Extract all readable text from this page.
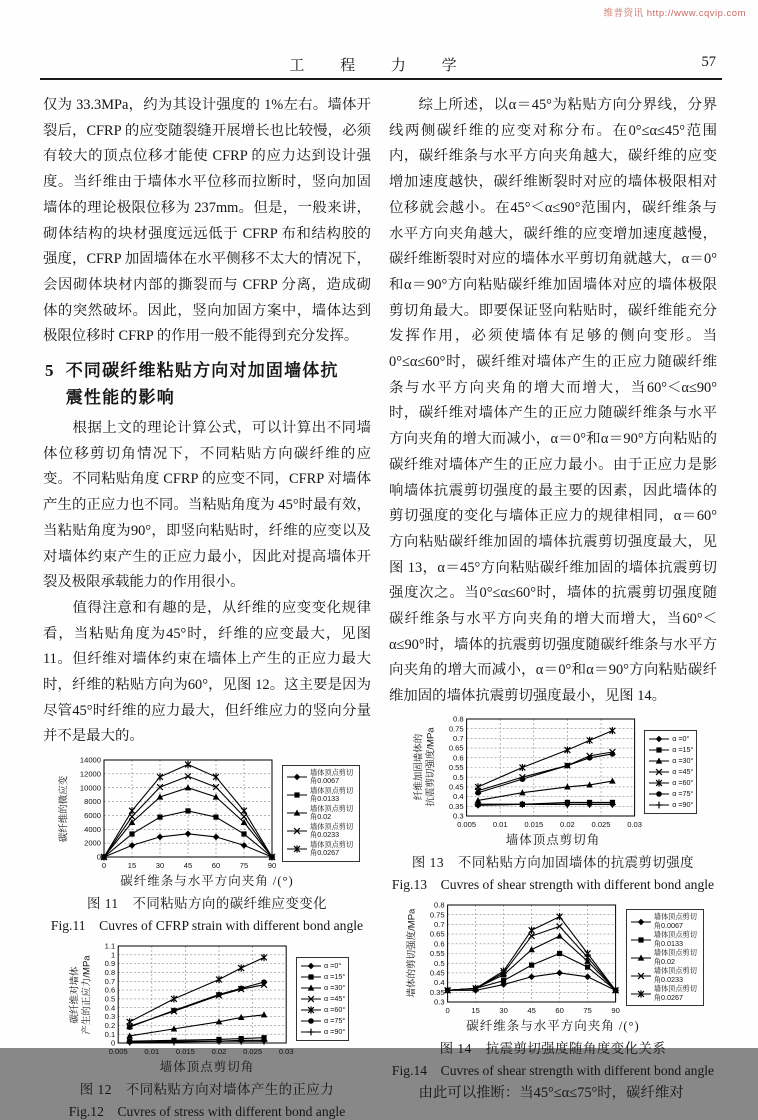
维普资讯 http://www.cqvip.com
工 程 力 学	57

仅为 33.3MPa，约为其设计强度的 1%左右。墙体开裂后，CFRP 的应变随裂缝开展增长也比较慢，必须有较大的顶点位移才能使 CFRP 的应力达到设计强度。当纤维由于墙体水平位移而拉断时，竖向加固墙体的理论极限位移为 237mm。但是，一般来讲，砌体结构的块材强度远远低于 CFRP 布和结构胶的强度，CFRP 加固墙体在水平侧移不太大的情况下，会因砌体块材内部的撕裂而与 CFRP 分离，造成砌体的突然破坏。因此，竖向加固方案中，墙体达到极限位移时 CFRP 的作用一般不能得到充分发挥。

5 不同碳纤维粘贴方向对加固墙体抗震性能的影响

根据上文的理论计算公式，可以计算出不同墙体位移剪切角情况下，不同粘贴方向碳纤维的应变。不同粘贴角度 CFRP 的应变不同，CFRP 对墙体产生的正应力也不同。当粘贴角度为 45°时最有效，当粘贴角度为90°，即竖向粘贴时，纤维的应变以及对墙体约束产生的正应力最小，因此对提高墙体开裂及极限承载能力的作用很小。

值得注意和有趣的是，从纤维的应变变化规律看，当粘贴角度为45°时，纤维的应变最大，见图 11。但纤维对墙体约束在墙体上产生的正应力最大时，纤维的粘贴方向为60°，见图 12。这主要是因为尽管45°时纤维的应力最大，但纤维应力的竖向分量并不是最大的。

碳纤维的微应变
0
2000
4000
6000
8000
10000
12000
14000
0	15	30	45	60	75	90
墙体顶点剪切角0.0067
墙体顶点剪切角0.0133
墙体顶点剪切角0.02
墙体顶点剪切角0.0233
墙体顶点剪切角0.0267
碳纤维条与水平方向夹角 /(°)
图 11　不同粘贴方向的碳纤维应变变化
Fig.11　Cuvres of CFRP strain with different bond angle
碳纤维对墙体 产生的正应力/MPa
0
0.1
0.2
0.3
0.4
0.5
0.6
0.7
0.8
0.9
1
1.1
0.005 0.01 0.015 0.02 0.025 0.03
α =0°
α =15°
α =30°
α =45°
α =60°
α =75°
α =90°
墙体顶点剪切角
图 12　不同粘贴方向对墙体产生的正应力
Fig.12　Cuvres of stress with different bond angle

综上所述，以α＝45°为粘贴方向分界线，分界线两侧碳纤维的应变对称分布。在0°≤α≤45°范围内，碳纤维条与水平方向夹角越大，碳纤维的应变增加速度越快，碳纤维断裂时对应的墙体极限相对位移就会越小。在45°＜α≤90°范围内，碳纤维条与水平方向夹角越大，碳纤维的应变增加速度越慢，碳纤维断裂时对应的墙体水平剪切角就越大，α＝0°和α＝90°方向粘贴碳纤维加固墙体对应的墙体极限剪切角最大。即要保证竖向粘贴时，碳纤维能充分发挥作用，必须使墙体有足够的侧向变形。当0°≤α≤60°时，碳纤维对墙体产生的正应力随碳纤维条与水平方向夹角的增大而增大，当60°＜α≤90°时，碳纤维对墙体产生的正应力随碳纤维条与水平方向夹角的增大而减小，α＝0°和α＝90°方向粘贴的碳纤维对墙体产生的正应力最小。由于正应力是影响墙体抗震剪切强度的最主要的因素，因此墙体的剪切强度的变化与墙体正应力的规律相同，α＝60°方向粘贴碳纤维加固的墙体抗震剪切强度最大，见图 13，α＝45°方向粘贴碳纤维加固的墙体抗震剪切强度次之。当0°≤α≤60°时，墙体的抗震剪切强度随碳纤维条与水平方向夹角的增大而增大，当60°＜α≤90°时，墙体的抗震剪切强度随碳纤维条与水平方向夹角的增大而减小，α＝0°和α＝90°方向粘贴碳纤维加固的墙体抗震剪切强度最小，见图 14。

纤维加固墙体的 抗震剪切强度/MPa
0.3
0.35
0.4
0.45
0.5
0.55
0.6
0.65
0.7
0.75
0.8
0.005 0.01 0.015 0.02 0.025 0.03
α =0°
α =15°
α =30°
α =45°
α =60°
α =75°
α =90°
墙体顶点剪切角
图 13　不同粘贴方向加固墙体的抗震剪切强度
Fig.13　Cuvres of shear strength with different bond angle
墙体的剪切强度/MPa
0.3
0.35
0.4
0.45
0.5
0.55
0.6
0.65
0.7
0.75
0.8
0	15	30	45	60	75	90
墙体顶点剪切角0.0067
墙体顶点剪切角0.0133
墙体顶点剪切角0.02
墙体顶点剪切角0.0233
墙体顶点剪切角0.0267
碳纤维条与水平方向夹角 /(°)
图 14　抗震剪切强度随角度变化关系
Fig.14　Cuvres of shear strength with different bond angle

由此可以推断：当45°≤α≤75°时，碳纤维对
